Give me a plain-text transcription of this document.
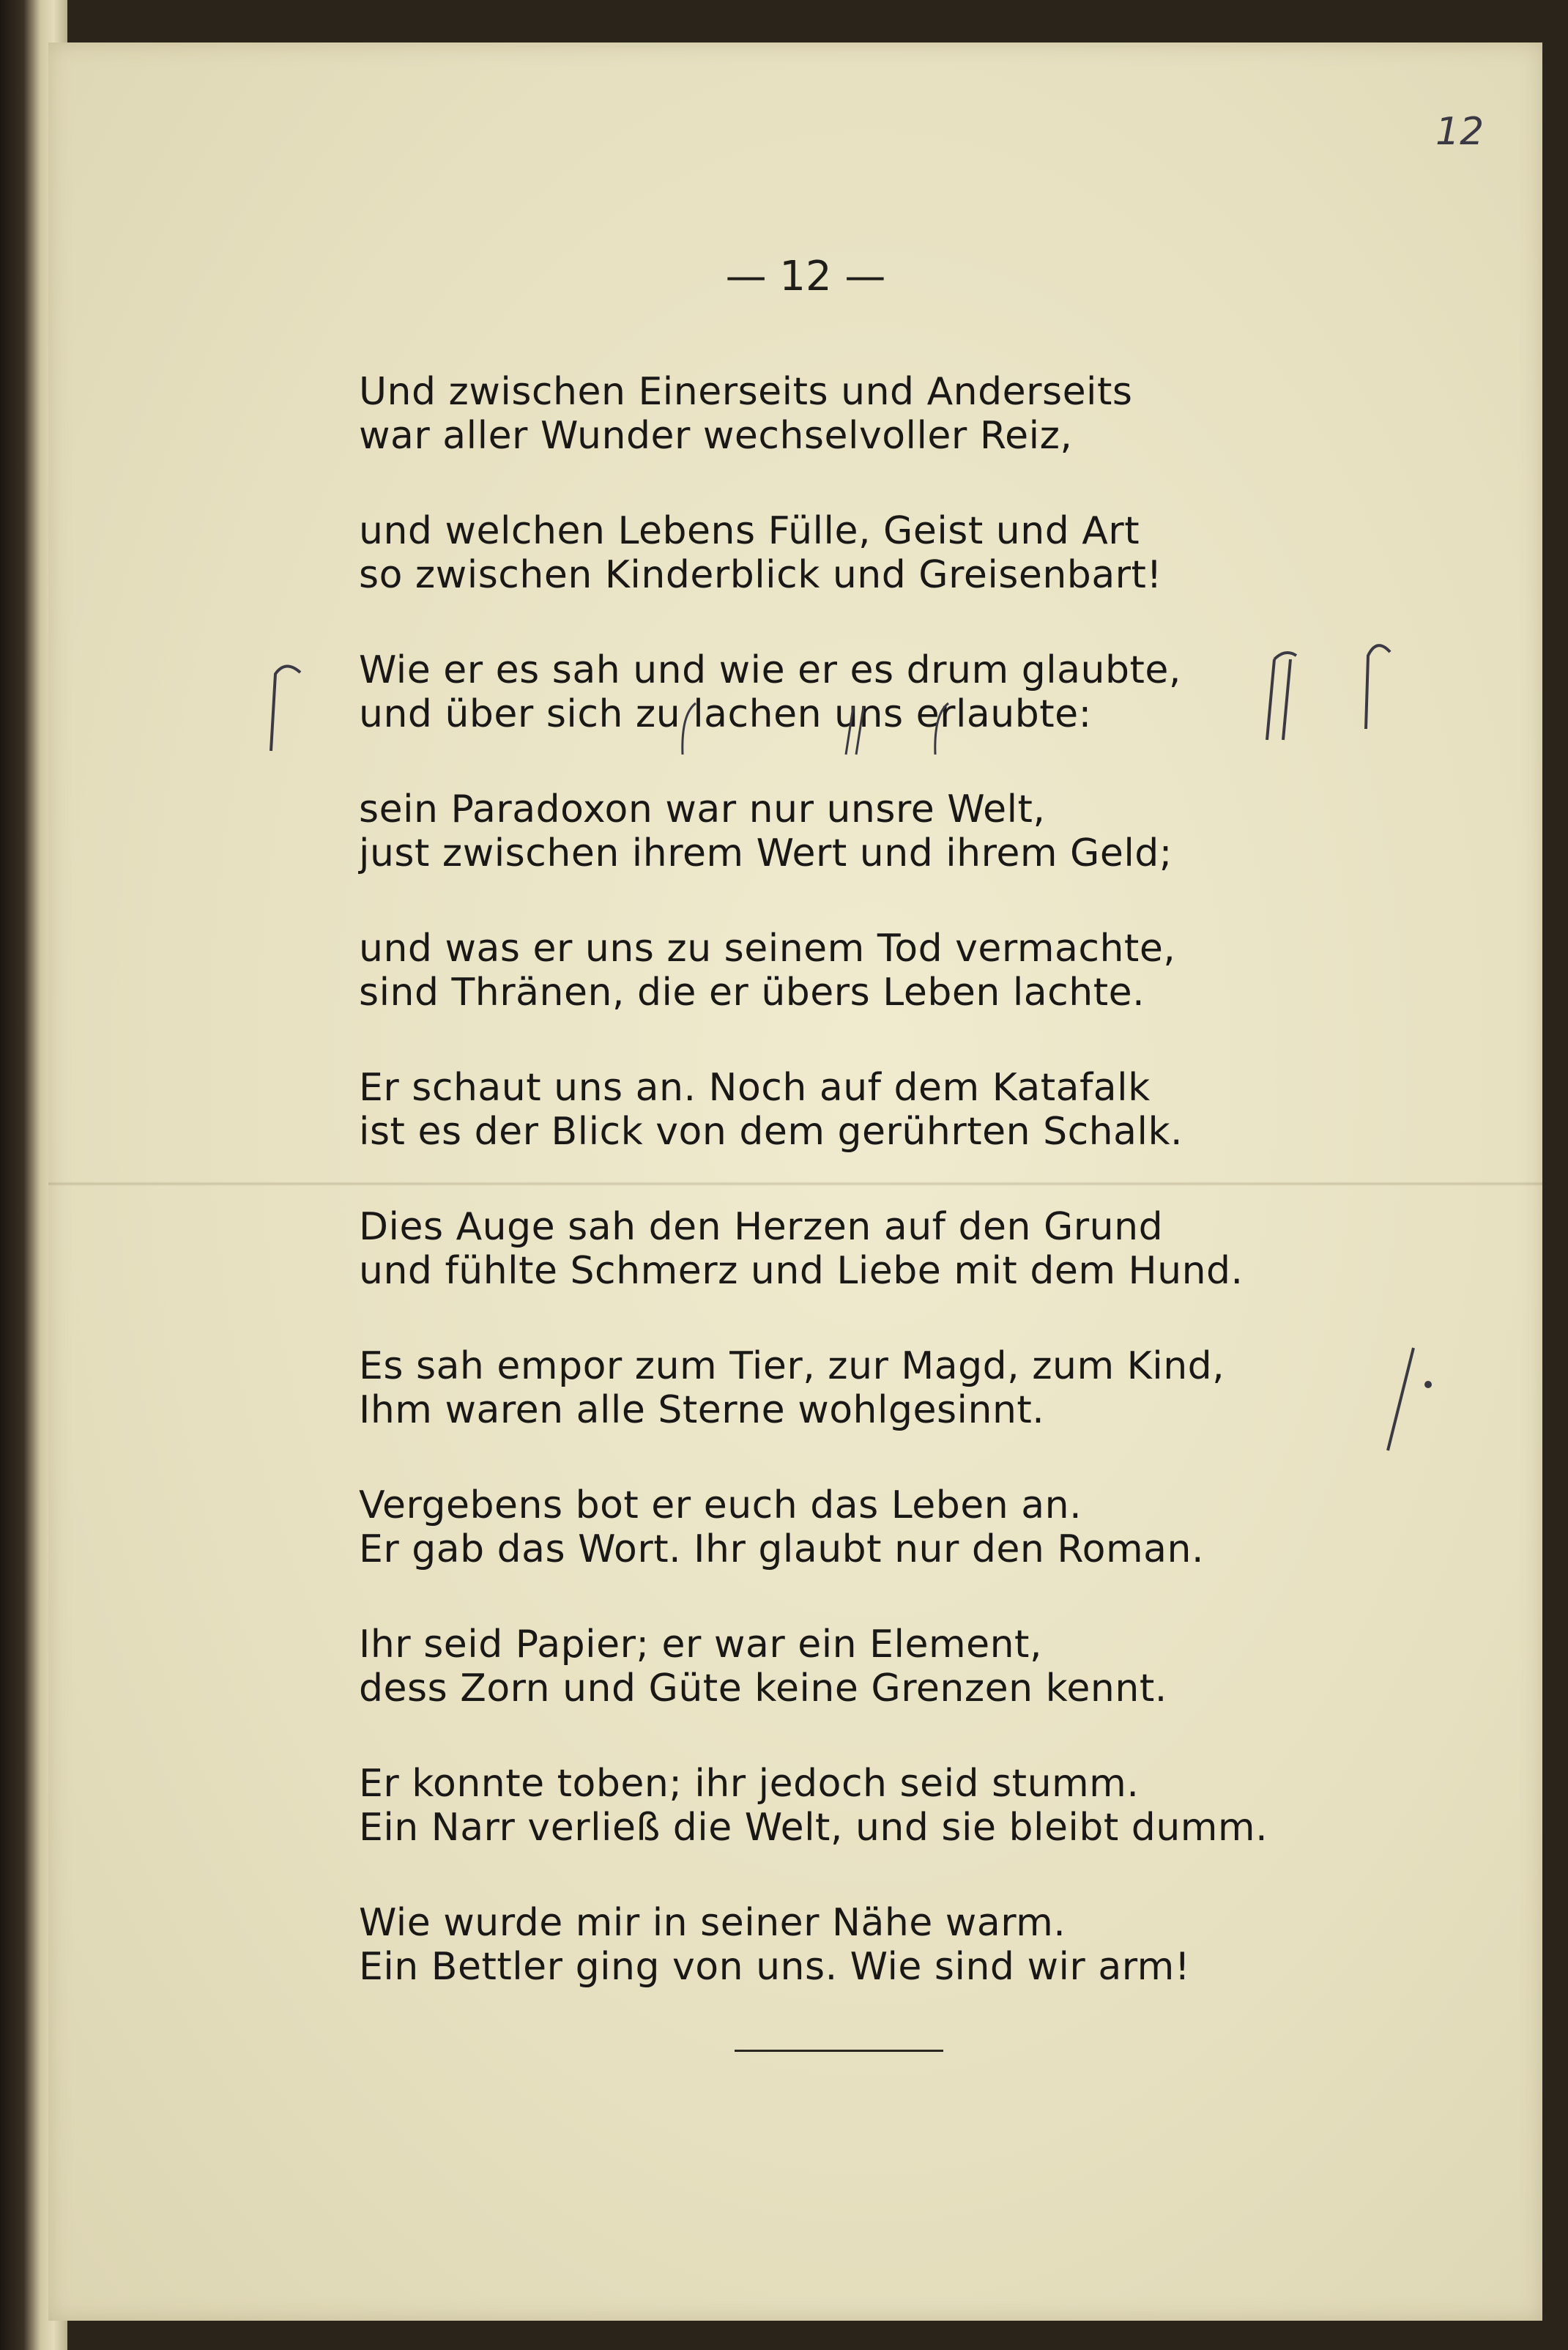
12
— 12 —
Und zwischen Einerseits und Anderseits
war aller Wunder wechselvoller Reiz,
und welchen Lebens Fülle, Geist und Art
so zwischen Kinderblick und Greisenbart!
Wie er es sah und wie er es drum glaubte,
und über sich zu lachen uns erlaubte:
sein Paradoxon war nur unsre Welt,
just zwischen ihrem Wert und ihrem Geld;
und was er uns zu seinem Tod vermachte,
sind Thränen, die er übers Leben lachte.
Er schaut uns an. Noch auf dem Katafalk
ist es der Blick von dem gerührten Schalk.
Dies Auge sah den Herzen auf den Grund
und fühlte Schmerz und Liebe mit dem Hund.
Es sah empor zum Tier, zur Magd, zum Kind,
Ihm waren alle Sterne wohlgesinnt.
Vergebens bot er euch das Leben an.
Er gab das Wort. Ihr glaubt nur den Roman.
Ihr seid Papier; er war ein Element,
dess Zorn und Güte keine Grenzen kennt.
Er konnte toben; ihr jedoch seid stumm.
Ein Narr verließ die Welt, und sie bleibt dumm.
Wie wurde mir in seiner Nähe warm.
Ein Bettler ging von uns. Wie sind wir arm!
